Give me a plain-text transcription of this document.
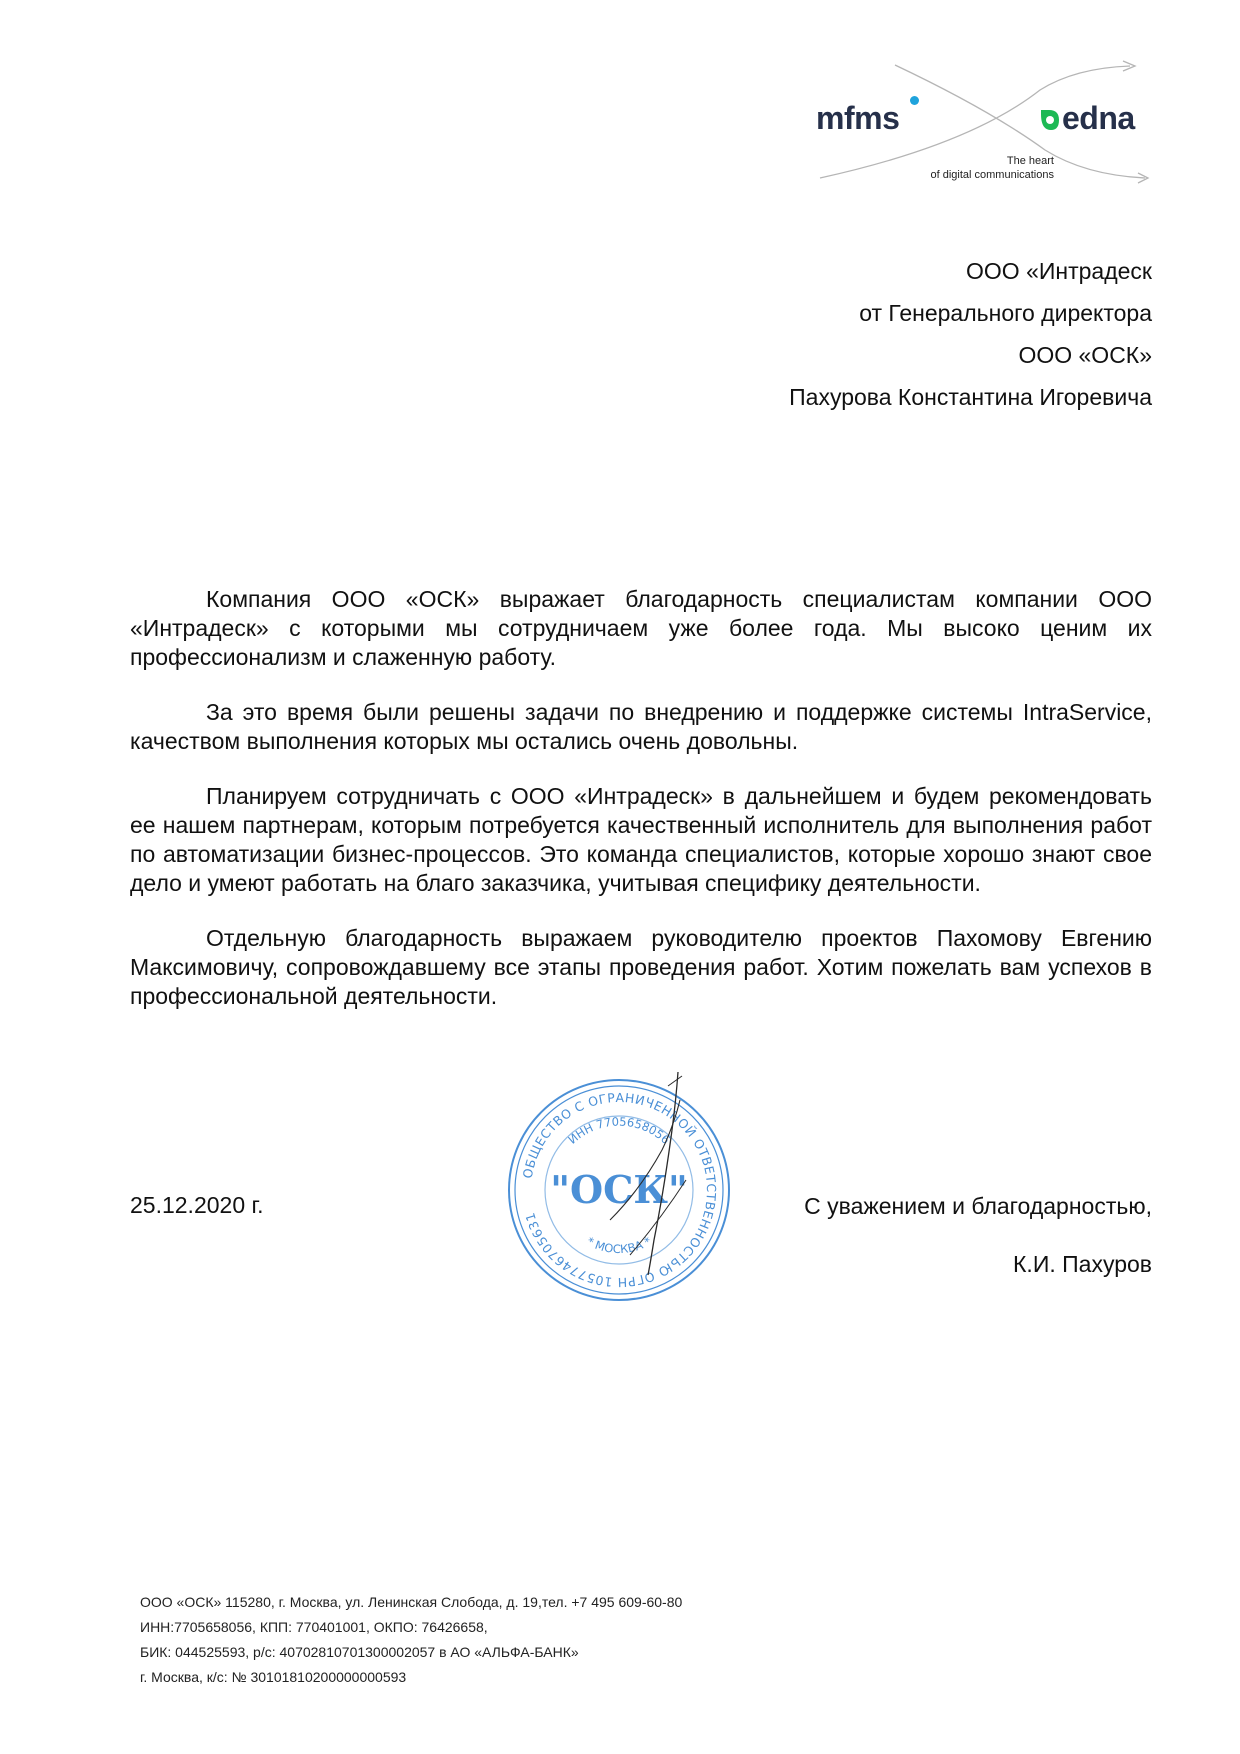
mfms	edna
The heart
of digital communications
ООО «Интрадеск
от Генерального директора
ООО «ОСК»
Пахурова Константина Игоревича

Компания ООО «ОСК» выражает благодарность специалистам компании ООО «Интрадеск» с которыми мы сотрудничаем уже более года. Мы высоко ценим их профессионализм и слаженную работу.

За это время были решены задачи по внедрению и поддержке системы IntraService, качеством выполнения которых мы остались очень довольны.

Планируем сотрудничать с ООО «Интрадеск» в дальнейшем и будем рекомендовать ее нашем партнерам, которым потребуется качественный исполнитель для выполнения работ по автоматизации бизнес-процессов. Это команда специалистов, которые хорошо знают свое дело и умеют работать на благо заказчика, учитывая специфику деятельности.

Отдельную благодарность выражаем руководителю проектов Пахомову Евгению Максимовичу, сопровождавшему все этапы проведения работ. Хотим пожелать вам успехов в профессиональной деятельности.

ОБЩЕСТВО С ОГРАНИЧЕННОЙ ОТВЕТСТВЕННОСТЬЮ ОГРН 1057746705631
ИНН 7705658056
* МОСКВА *
"ОСК"
25.12.2020 г.	С уважением и благодарностью,
К.И. Пахуров
ООО «ОСК» 115280, г. Москва, ул. Ленинская Слобода, д. 19,тел. +7 495 609-60-80
ИНН:7705658056, КПП: 770401001, ОКПО: 76426658,
БИК: 044525593, р/с: 40702810701300002057 в АО «АЛЬФА-БАНК»
г. Москва, к/с: № 30101810200000000593
